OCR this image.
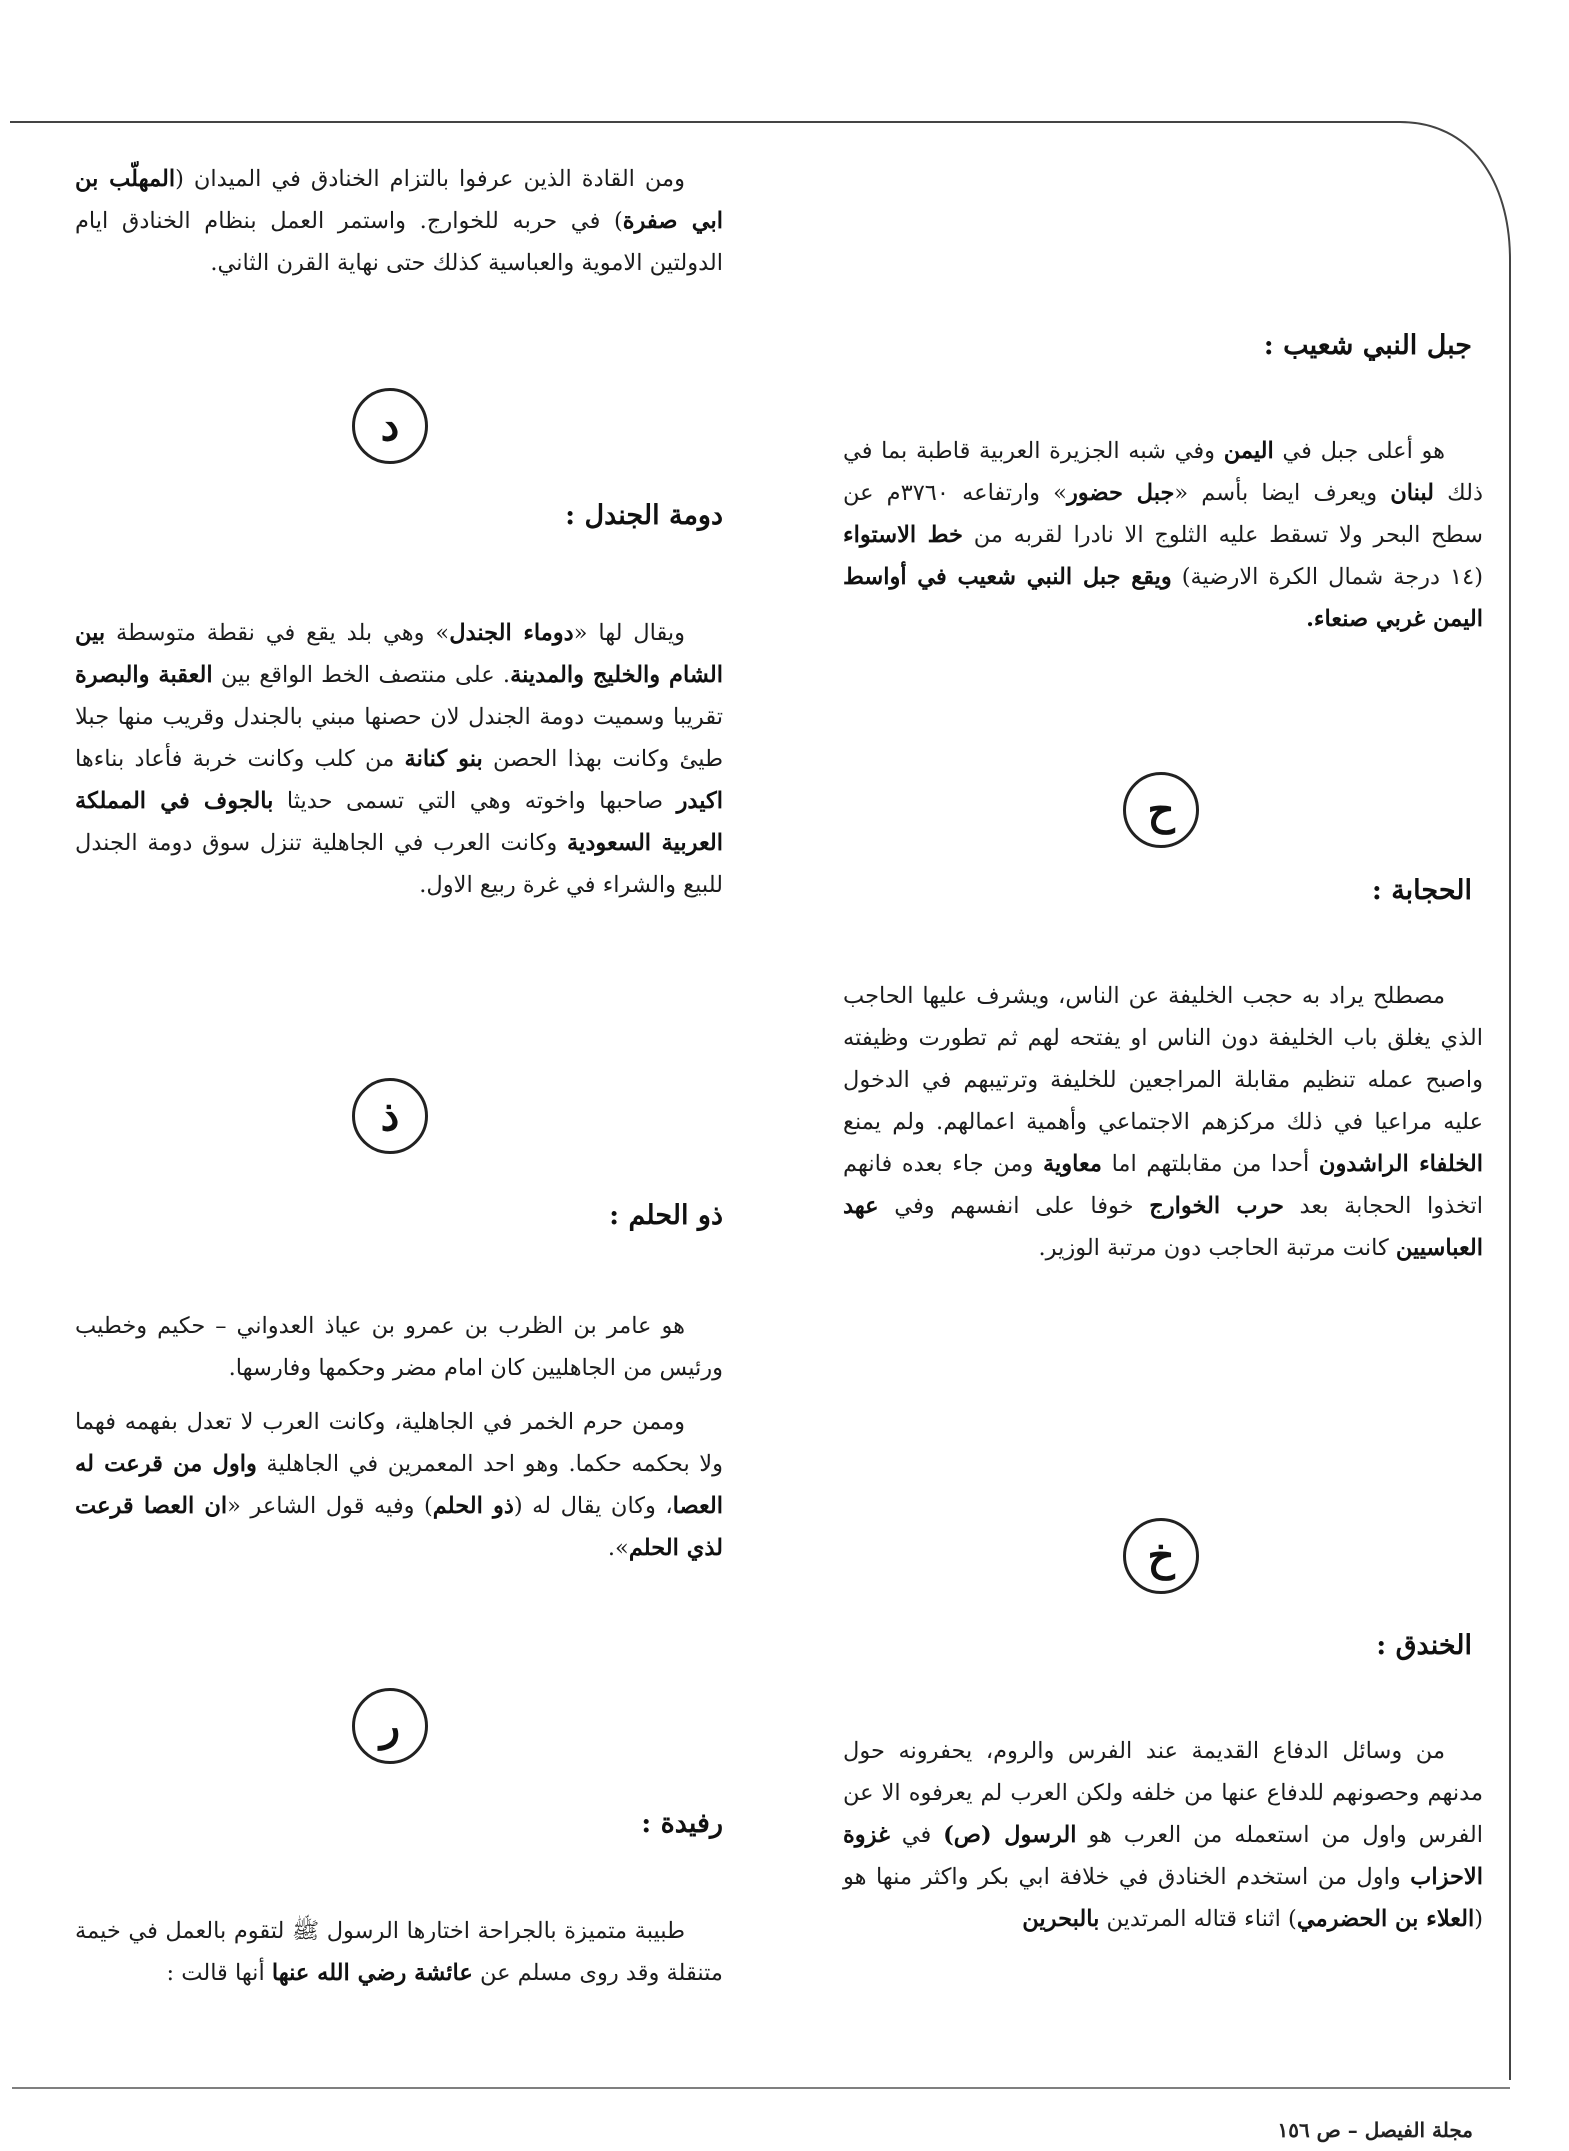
ومن القادة الذين عرفوا بالتزام الخنادق في الميدان (المهلّب بن ابي صفرة) في حربه للخوارج. واستمر العمل بنظام الخنادق ايام الدولتين الاموية والعباسية كذلك حتى نهاية القرن الثاني.

د
دومة الجندل :

ويقال لها «دوماء الجندل» وهي بلد يقع في نقطة متوسطة بين الشام والخليج والمدينة. على منتصف الخط الواقع بين العقبة والبصرة تقريبا وسميت دومة الجندل لان حصنها مبني بالجندل وقريب منها جبلا طيئ وكانت بهذا الحصن بنو كنانة من كلب وكانت خربة فأعاد بناءها اكيدر صاحبها واخوته وهي التي تسمى حديثا بالجوف في المملكة العربية السعودية وكانت العرب في الجاهلية تنزل سوق دومة الجندل للبيع والشراء في غرة ربيع الاول.

ذ
ذو الحلم :

هو عامر بن الظرب بن عمرو بن عياذ العدواني – حكيم وخطيب ورئيس من الجاهليين كان امام مضر وحكمها وفارسها.

وممن حرم الخمر في الجاهلية، وكانت العرب لا تعدل بفهمه فهما ولا بحكمه حكما. وهو احد المعمرين في الجاهلية واول من قرعت له العصا، وكان يقال له (ذو الحلم) وفيه قول الشاعر «ان العصا قرعت لذي الحلم».

ر
رفيدة :

طبيبة متميزة بالجراحة اختارها الرسول ﷺ لتقوم بالعمل في خيمة متنقلة وقد روى مسلم عن عائشة رضي الله عنها أنها قالت :

جبل النبي شعيب :

هو أعلى جبل في اليمن وفي شبه الجزيرة العربية قاطبة بما في ذلك لبنان ويعرف ايضا بأسم «جبل حضور» وارتفاعه ٣٧٦٠م عن سطح البحر ولا تسقط عليه الثلوج الا نادرا لقربه من خط الاستواء (١٤ درجة شمال الكرة الارضية) ويقع جبل النبي شعيب في أواسط اليمن غربي صنعاء.

ح
الحجابة :

مصطلح يراد به حجب الخليفة عن الناس، ويشرف عليها الحاجب الذي يغلق باب الخليفة دون الناس او يفتحه لهم ثم تطورت وظيفته واصبح عمله تنظيم مقابلة المراجعين للخليفة وترتيبهم في الدخول عليه مراعيا في ذلك مركزهم الاجتماعي وأهمية اعمالهم. ولم يمنع الخلفاء الراشدون أحدا من مقابلتهم اما معاوية ومن جاء بعده فانهم اتخذوا الحجابة بعد حرب الخوارج خوفا على انفسهم وفي عهد العباسيين كانت مرتبة الحاجب دون مرتبة الوزير.

خ
الخندق :

من وسائل الدفاع القديمة عند الفرس والروم، يحفرونه حول مدنهم وحصونهم للدفاع عنها من خلفه ولكن العرب لم يعرفوه الا عن الفرس واول من استعمله من العرب هو الرسول (ص) في غزوة الاحزاب واول من استخدم الخنادق في خلافة ابي بكر واكثر منها هو (العلاء بن الحضرمي) اثناء قتاله المرتدين بالبحرين

مجلة الفيصل – ص ١٥٦
